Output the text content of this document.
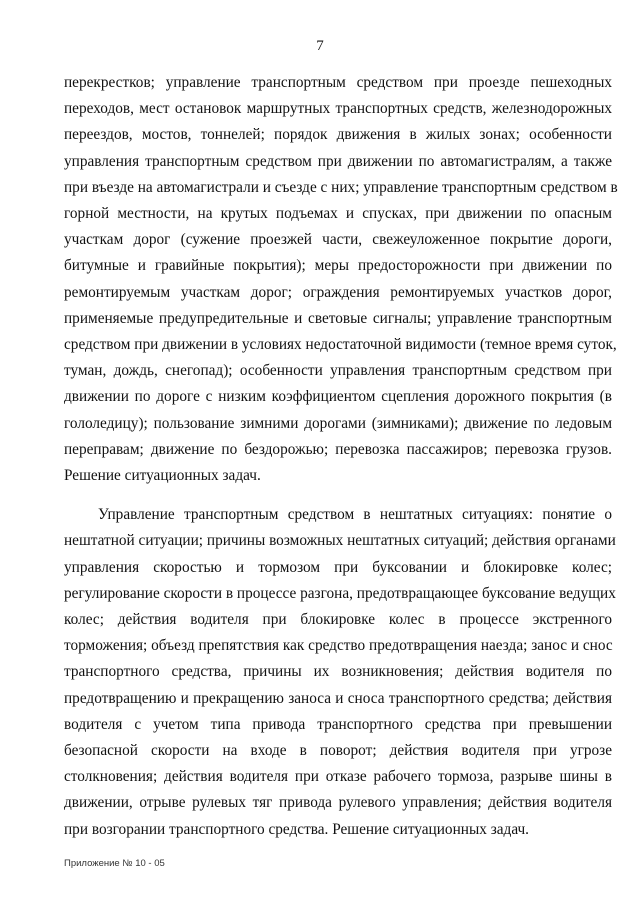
7

перекрестков; управление транспортным средством при проезде пешеходных
переходов, мест остановок маршрутных транспортных средств, железнодорожных
переездов, мостов, тоннелей; порядок движения в жилых зонах; особенности
управления транспортным средством при движении по автомагистралям, а также
при въезде на автомагистрали и съезде с них; управление транспортным средством в
горной местности, на крутых подъемах и спусках, при движении по опасным
участкам дорог (сужение проезжей части, свежеуложенное покрытие дороги,
битумные и гравийные покрытия); меры предосторожности при движении по
ремонтируемым участкам дорог; ограждения ремонтируемых участков дорог,
применяемые предупредительные и световые сигналы; управление транспортным
средством при движении в условиях недостаточной видимости (темное время суток,
туман, дождь, снегопад); особенности управления транспортным средством при
движении по дороге с низким коэффициентом сцепления дорожного покрытия (в
гололедицу); пользование зимними дорогами (зимниками); движение по ледовым
переправам; движение по бездорожью; перевозка пассажиров; перевозка грузов.
Решение ситуационных задач.

Управление транспортным средством в нештатных ситуациях: понятие о
нештатной ситуации; причины возможных нештатных ситуаций; действия органами
управления скоростью и тормозом при буксовании и блокировке колес;
регулирование скорости в процессе разгона, предотвращающее буксование ведущих
колес; действия водителя при блокировке колес в процессе экстренного
торможения; объезд препятствия как средство предотвращения наезда; занос и снос
транспортного средства, причины их возникновения; действия водителя по
предотвращению и прекращению заноса и сноса транспортного средства; действия
водителя с учетом типа привода транспортного средства при превышении
безопасной скорости на входе в поворот; действия водителя при угрозе
столкновения; действия водителя при отказе рабочего тормоза, разрыве шины в
движении, отрыве рулевых тяг привода рулевого управления; действия водителя
при возгорании транспортного средства. Решение ситуационных задач.

Приложение № 10 - 05
